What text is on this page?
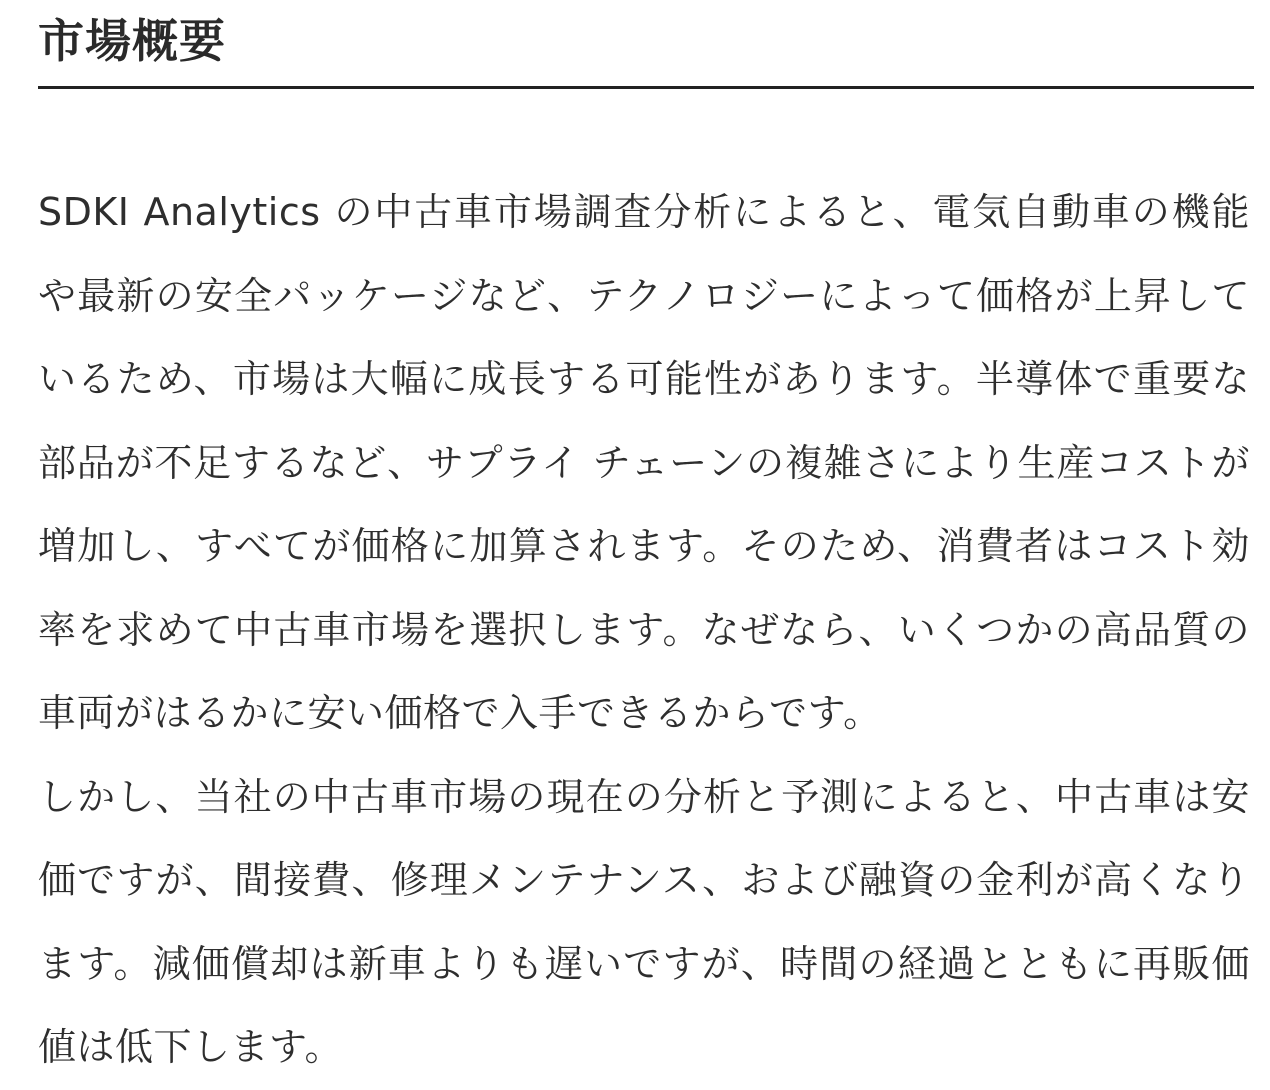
市場概要

SDKI Analytics の中古車市場調査分析によると、電気自動車の機能や最新の安全パッケージなど、テクノロジーによって価格が上昇しているため、市場は大幅に成長する可能性があります。半導体で重要な部品が不足するなど、サプライ チェーンの複雑さにより生産コストが増加し、すべてが価格に加算されます。そのため、消費者はコスト効率を求めて中古車市場を選択します。なぜなら、いくつかの高品質の車両がはるかに安い価格で入手できるからです。

しかし、当社の中古車市場の現在の分析と予測によると、中古車は安価ですが、間接費、修理メンテナンス、および融資の金利が高くなります。減価償却は新車よりも遅いですが、時間の経過とともに再販価値は低下します。
